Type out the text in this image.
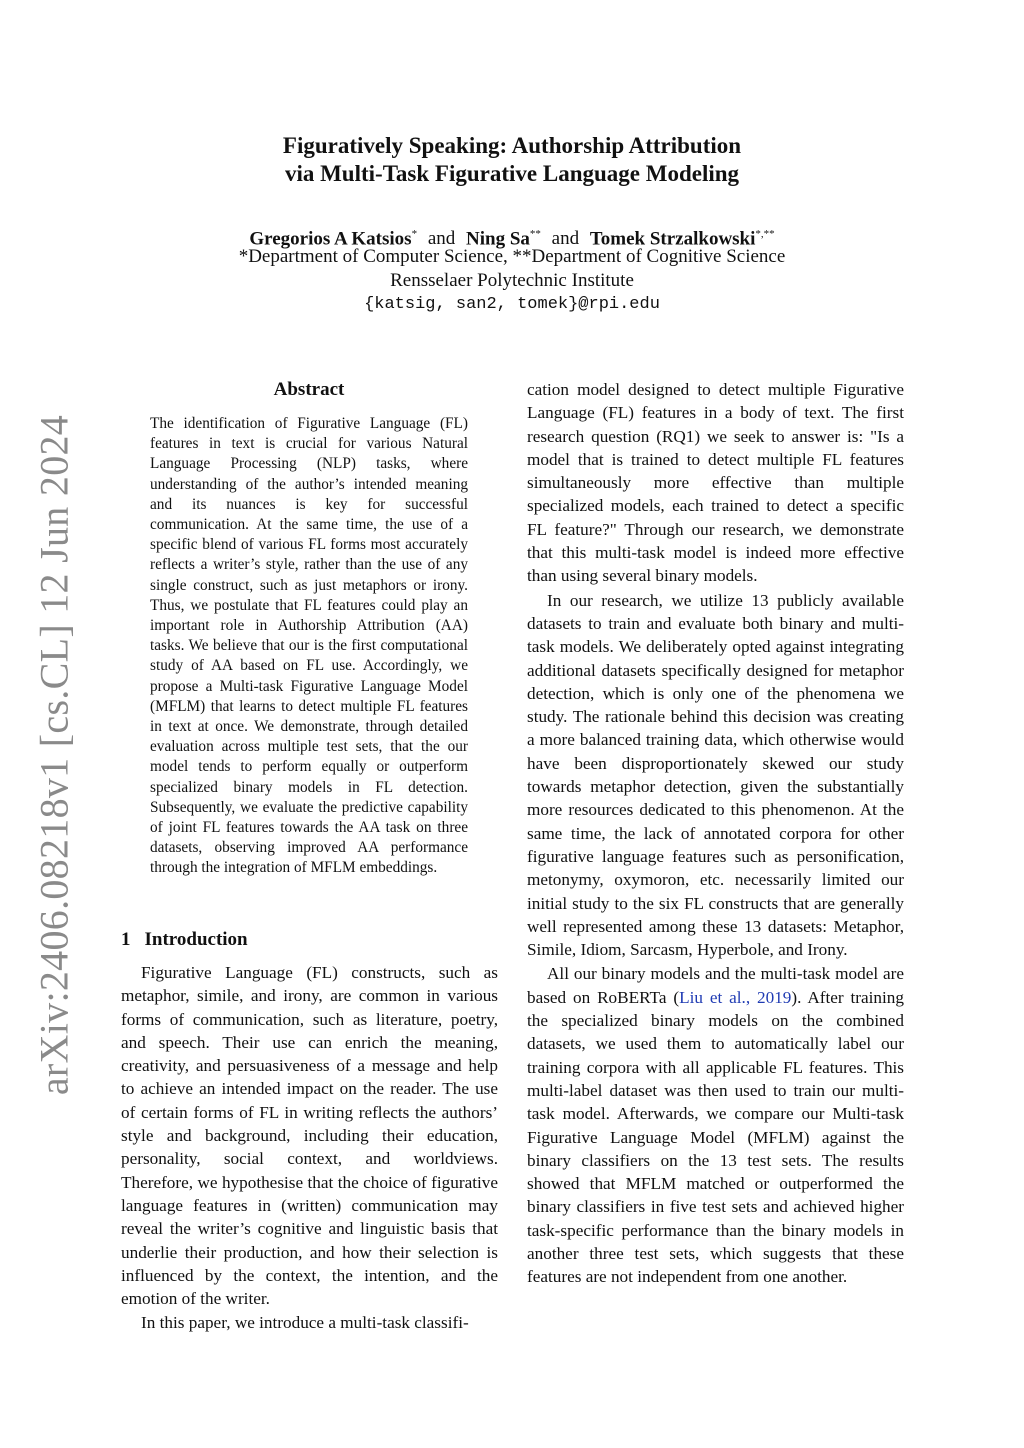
arXiv:2406.08218v1 [cs.CL] 12 Jun 2024
Figuratively Speaking: Authorship Attribution
via Multi-Task Figurative Language Modeling
Gregorios A Katsios* and Ning Sa** and Tomek Strzalkowski*,**
*Department of Computer Science, **Department of Cognitive Science
Rensselaer Polytechnic Institute
{katsig, san2, tomek}@rpi.edu
Abstract

The identification of Figurative Language (FL) features in text is crucial for various Natural Language Processing (NLP) tasks, where understanding of the author’s intended meaning and its nuances is key for successful communication. At the same time, the use of a specific blend of various FL forms most accurately reflects a writer’s style, rather than the use of any single construct, such as just metaphors or irony. Thus, we postulate that FL features could play an important role in Authorship Attribution (AA) tasks. We believe that our is the first computational study of AA based on FL use. Accordingly, we propose a Multi-task Figurative Language Model (MFLM) that learns to detect multiple FL features in text at once. We demonstrate, through detailed evaluation across multiple test sets, that the our model tends to perform equally or outperform specialized binary models in FL detection. Subsequently, we evaluate the predictive capability of joint FL features towards the AA task on three datasets, observing improved AA performance through the integration of MFLM embeddings.

1 Introduction

Figurative Language (FL) constructs, such as metaphor, simile, and irony, are common in various forms of communication, such as literature, poetry, and speech. Their use can enrich the meaning, creativity, and persuasiveness of a message and help to achieve an intended impact on the reader. The use of certain forms of FL in writing reflects the authors’ style and background, including their education, personality, social context, and worldviews. Therefore, we hypothesise that the choice of figurative language features in (written) communication may reveal the writer’s cognitive and linguistic basis that underlie their production, and how their selection is influenced by the context, the intention, and the emotion of the writer.

In this paper, we introduce a multi-task classifi-

cation model designed to detect multiple Figurative Language (FL) features in a body of text. The first research question (RQ1) we seek to answer is: "Is a model that is trained to detect multiple FL features simultaneously more effective than multiple specialized models, each trained to detect a specific FL feature?" Through our research, we demonstrate that this multi-task model is indeed more effective than using several binary models.

In our research, we utilize 13 publicly available datasets to train and evaluate both binary and multi-task models. We deliberately opted against integrating additional datasets specifically designed for metaphor detection, which is only one of the phenomena we study. The rationale behind this decision was creating a more balanced training data, which otherwise would have been disproportionately skewed our study towards metaphor detection, given the substantially more resources dedicated to this phenomenon. At the same time, the lack of annotated corpora for other figurative language features such as personification, metonymy, oxymoron, etc. necessarily limited our initial study to the six FL constructs that are generally well represented among these 13 datasets: Metaphor, Simile, Idiom, Sarcasm, Hyperbole, and Irony.

All our binary models and the multi-task model are based on RoBERTa (Liu et al., 2019). After training the specialized binary models on the combined datasets, we used them to automatically label our training corpora with all applicable FL features. This multi-label dataset was then used to train our multi-task model. Afterwards, we compare our Multi-task Figurative Language Model (MFLM) against the binary classifiers on the 13 test sets. The results showed that MFLM matched or outperformed the binary classifiers in five test sets and achieved higher task-specific performance than the binary models in another three test sets, which suggests that these features are not independent from one another.
